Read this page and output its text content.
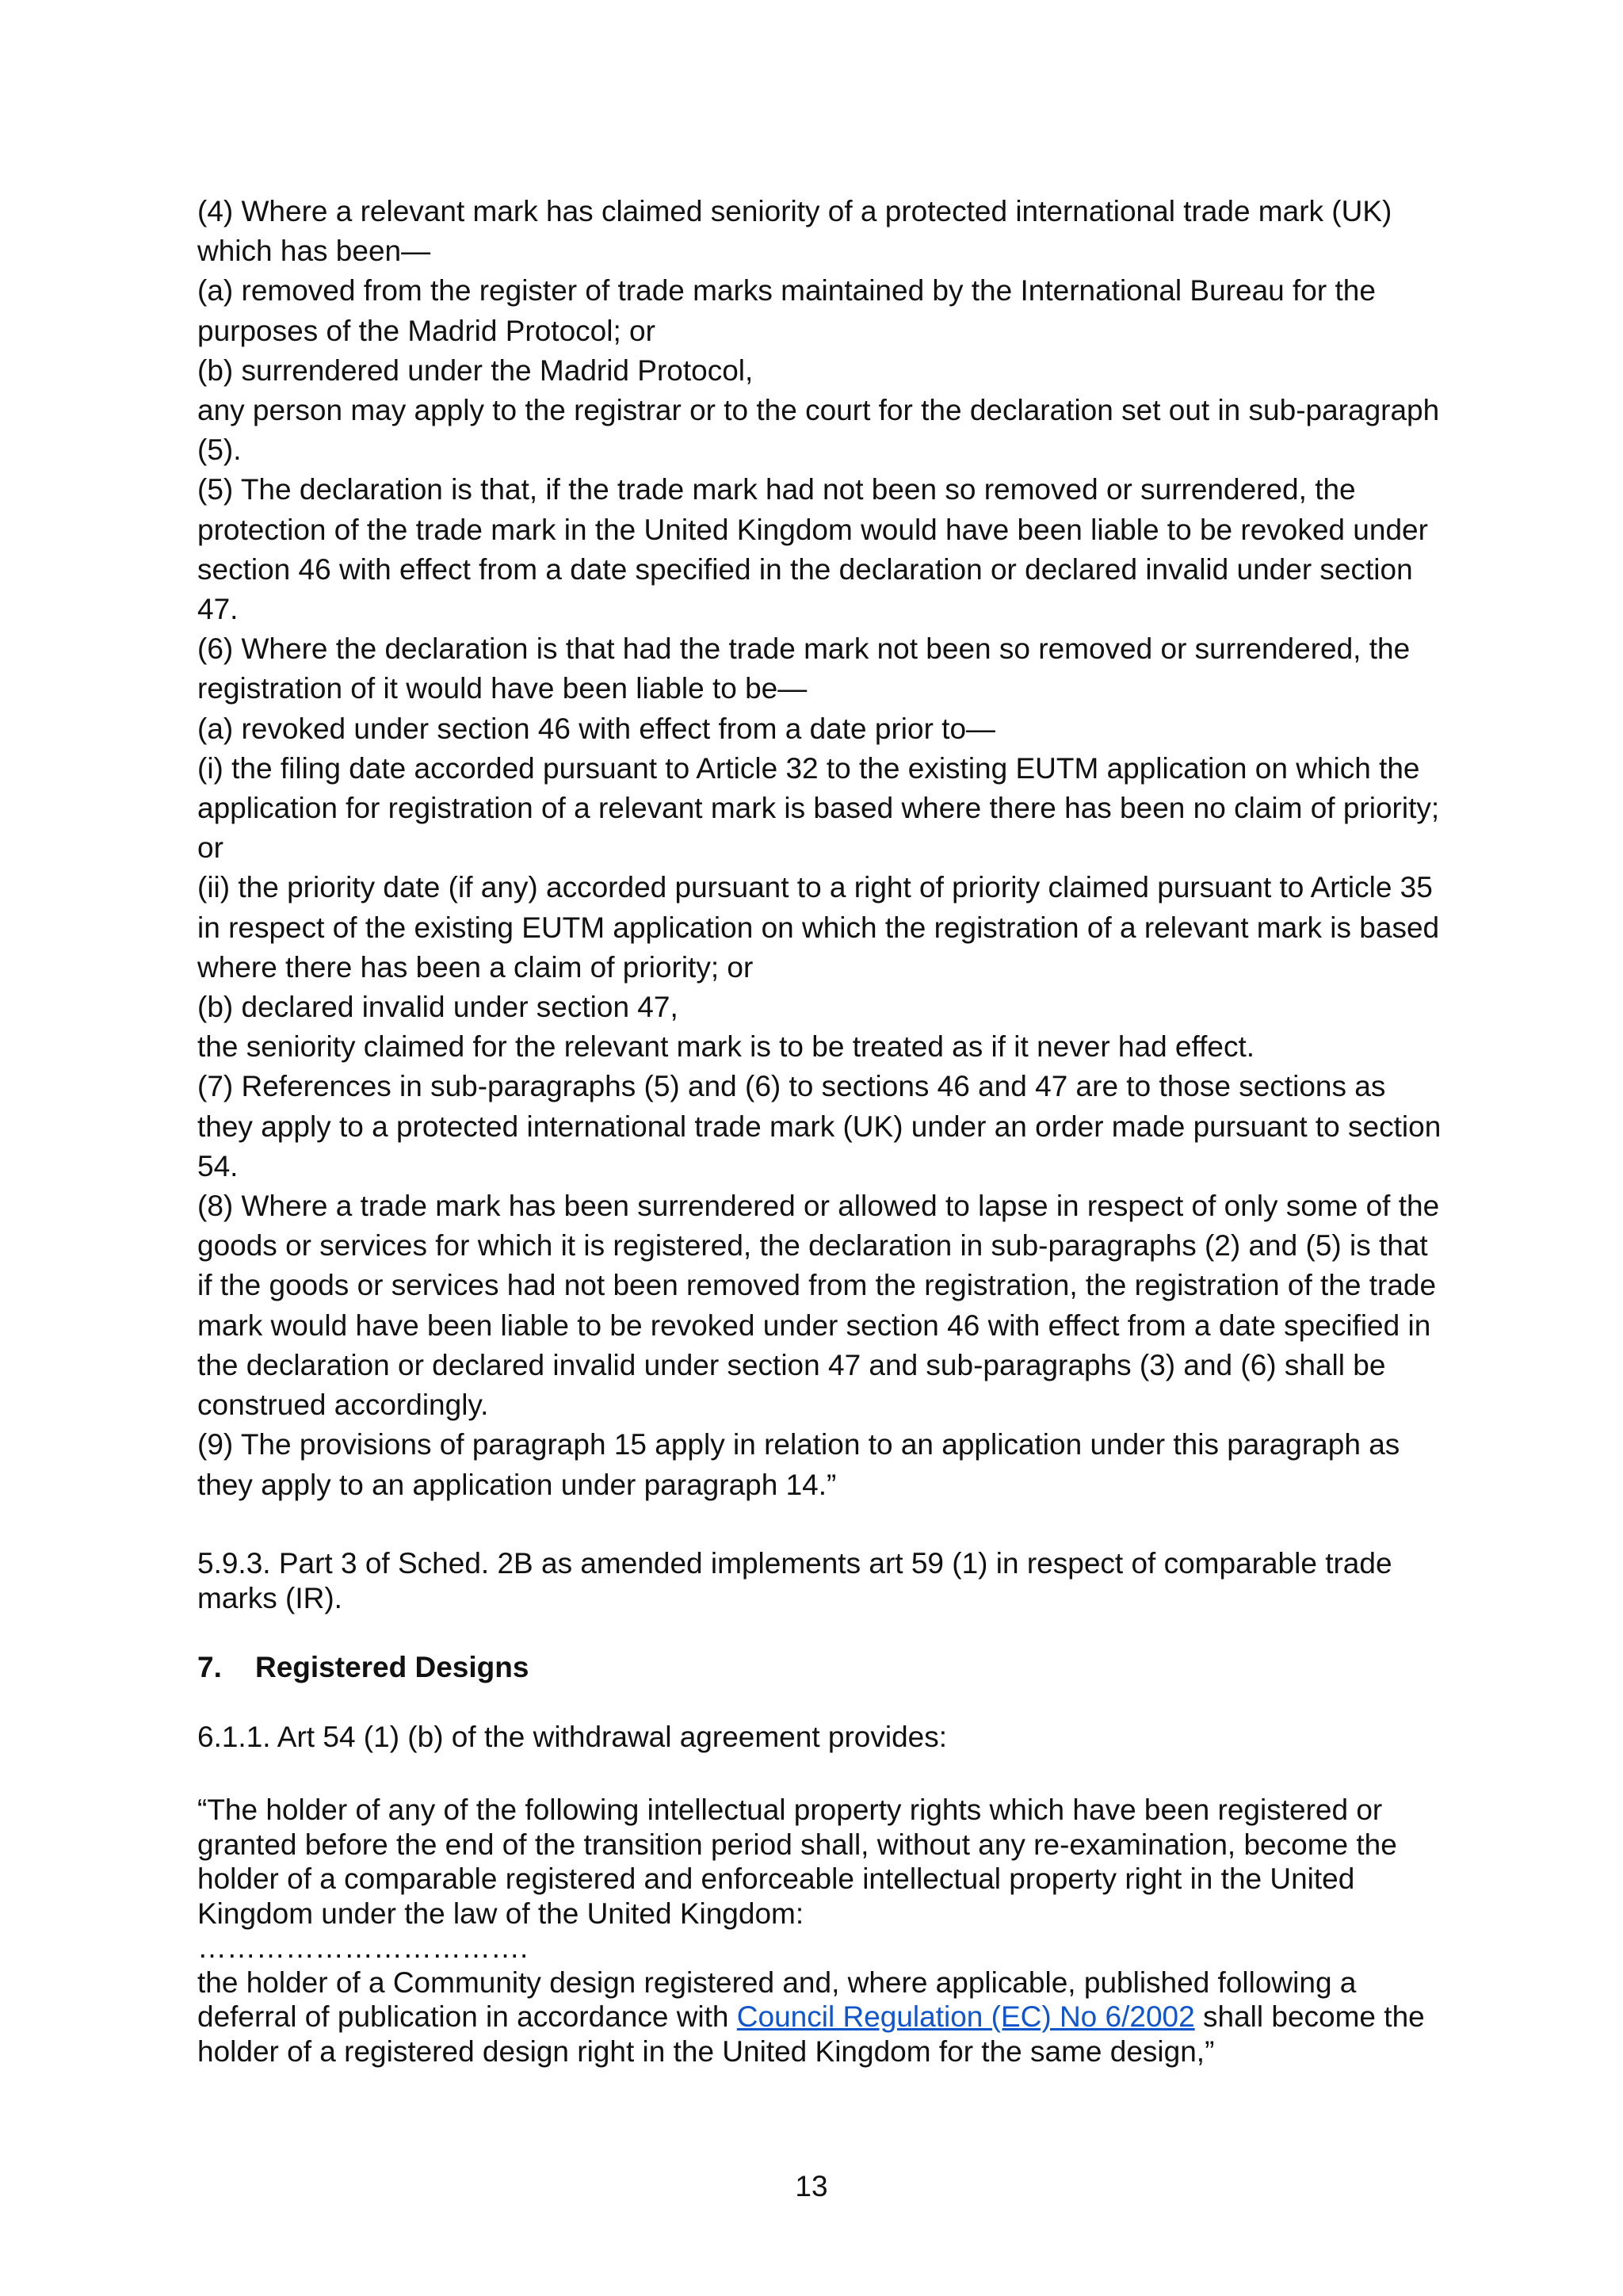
(4) Where a relevant mark has claimed seniority of a protected international trade mark (UK) which has been—

(a) removed from the register of trade marks maintained by the International Bureau for the purposes of the Madrid Protocol; or

(b) surrendered under the Madrid Protocol,

any person may apply to the registrar or to the court for the declaration set out in sub-paragraph (5).

(5) The declaration is that, if the trade mark had not been so removed or surrendered, the protection of the trade mark in the United Kingdom would have been liable to be revoked under section 46 with effect from a date specified in the declaration or declared invalid under section 47.

(6) Where the declaration is that had the trade mark not been so removed or surrendered, the registration of it would have been liable to be—

(a) revoked under section 46 with effect from a date prior to—

(i) the filing date accorded pursuant to Article 32 to the existing EUTM application on which the application for registration of a relevant mark is based where there has been no claim of priority; or

(ii) the priority date (if any) accorded pursuant to a right of priority claimed pursuant to Article 35 in respect of the existing EUTM application on which the registration of a relevant mark is based where there has been a claim of priority; or

(b) declared invalid under section 47,

the seniority claimed for the relevant mark is to be treated as if it never had effect.

(7) References in sub-paragraphs (5) and (6) to sections 46 and 47 are to those sections as they apply to a protected international trade mark (UK) under an order made pursuant to section 54.

(8) Where a trade mark has been surrendered or allowed to lapse in respect of only some of the goods or services for which it is registered, the declaration in sub-paragraphs (2) and (5) is that if the goods or services had not been removed from the registration, the registration of the trade mark would have been liable to be revoked under section 46 with effect from a date specified in the declaration or declared invalid under section 47 and sub-paragraphs (3) and (6) shall be construed accordingly.

(9) The provisions of paragraph 15 apply in relation to an application under this paragraph as they apply to an application under paragraph 14.”

5.9.3. Part 3 of Sched. 2B as amended implements art 59 (1) in respect of comparable trade marks (IR).

7. Registered Designs

6.1.1. Art 54 (1) (b) of the withdrawal agreement provides:

“The holder of any of the following intellectual property rights which have been registered or granted before the end of the transition period shall, without any re-examination, become the holder of a comparable registered and enforceable intellectual property right in the United Kingdom under the law of the United Kingdom:

…………………………….

the holder of a Community design registered and, where applicable, published following a deferral of publication in accordance with Council Regulation (EC) No 6/2002 shall become the holder of a registered design right in the United Kingdom for the same design,”

13
